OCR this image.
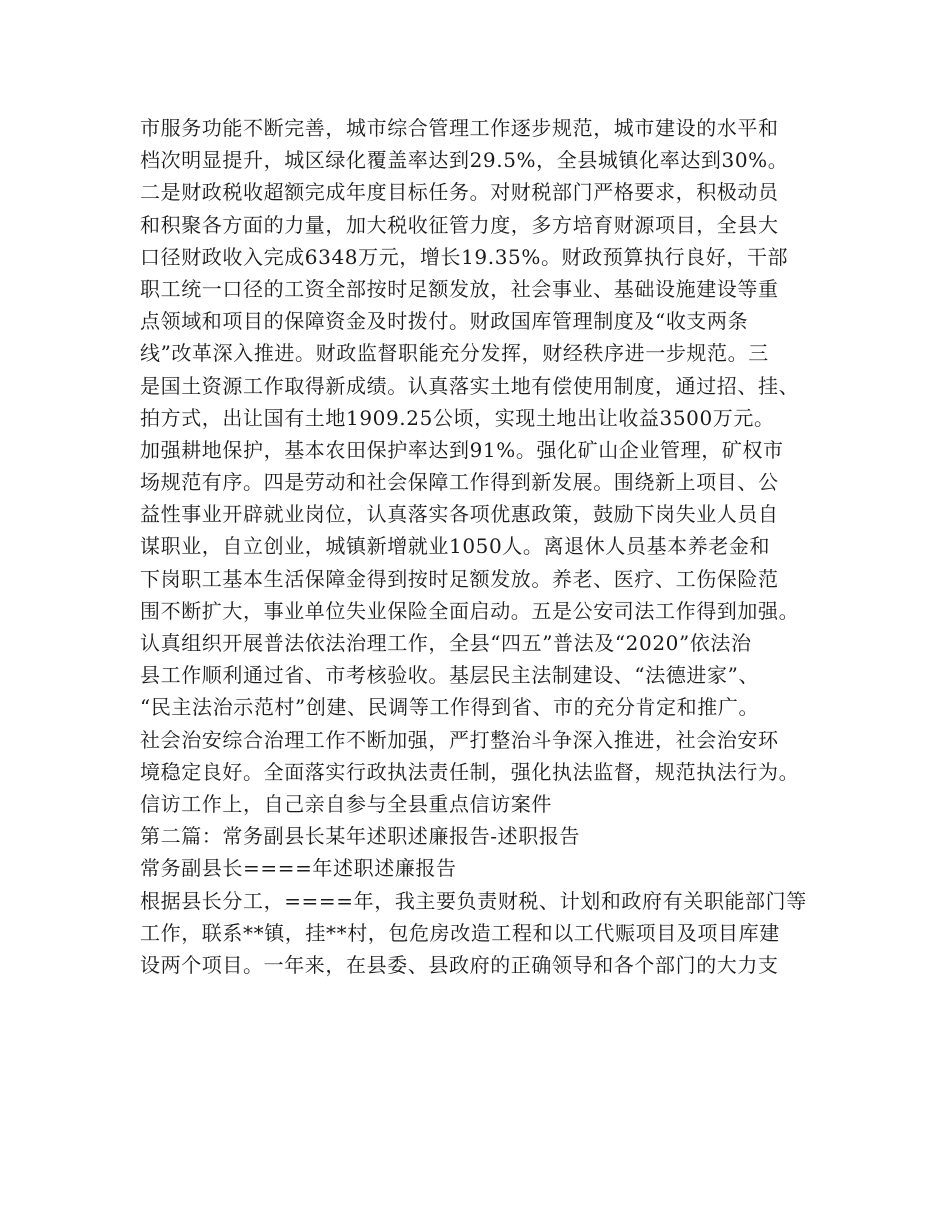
市服务功能不断完善，城市综合管理工作逐步规范，城市建设的水平和
档次明显提升，城区绿化覆盖率达到29.5%，全县城镇化率达到30%。
二是财政税收超额完成年度目标任务。对财税部门严格要求，积极动员
和积聚各方面的力量，加大税收征管力度，多方培育财源项目，全县大
口径财政收入完成6348万元，增长19.35%。财政预算执行良好，干部
职工统一口径的工资全部按时足额发放，社会事业、基础设施建设等重
点领域和项目的保障资金及时拨付。财政国库管理制度及“收支两条
线”改革深入推进。财政监督职能充分发挥，财经秩序进一步规范。三
是国土资源工作取得新成绩。认真落实土地有偿使用制度，通过招、挂、
拍方式，出让国有土地1909.25公顷，实现土地出让收益3500万元。
加强耕地保护，基本农田保护率达到91%。强化矿山企业管理，矿权市
场规范有序。四是劳动和社会保障工作得到新发展。围绕新上项目、公
益性事业开辟就业岗位，认真落实各项优惠政策，鼓励下岗失业人员自
谋职业，自立创业，城镇新增就业1050人。离退休人员基本养老金和
下岗职工基本生活保障金得到按时足额发放。养老、医疗、工伤保险范
围不断扩大，事业单位失业保险全面启动。五是公安司法工作得到加强。
认真组织开展普法依法治理工作，全县“四五”普法及“2020”依法治
县工作顺利通过省、市考核验收。基层民主法制建设、“法德进家”、
“民主法治示范村”创建、民调等工作得到省、市的充分肯定和推广。
社会治安综合治理工作不断加强，严打整治斗争深入推进，社会治安环
境稳定良好。全面落实行政执法责任制，强化执法监督，规范执法行为。
信访工作上，自己亲自参与全县重点信访案件
第二篇：常务副县长某年述职述廉报告-述职报告
常务副县长====年述职述廉报告
根据县长分工，====年，我主要负责财税、计划和政府有关职能部门等
工作，联系**镇，挂**村，包危房改造工程和以工代赈项目及项目库建
设两个项目。一年来，在县委、县政府的正确领导和各个部门的大力支
